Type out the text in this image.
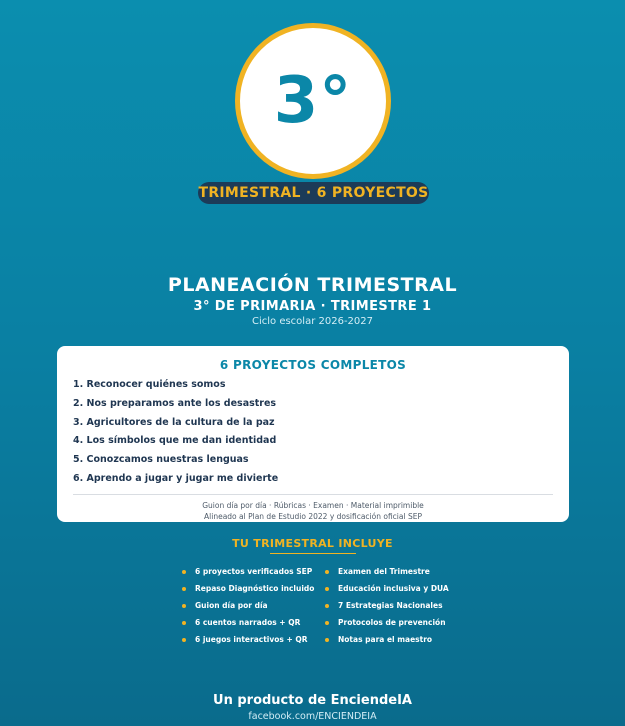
3°
TRIMESTRAL · 6 PROYECTOS
PLANEACIÓN TRIMESTRAL
3° DE PRIMARIA · TRIMESTRE 1
Ciclo escolar 2026-2027
6 PROYECTOS COMPLETOS
1. Reconocer quiénes somos
2. Nos preparamos ante los desastres
3. Agricultores de la cultura de la paz
4. Los símbolos que me dan identidad
5. Conozcamos nuestras lenguas
6. Aprendo a jugar y jugar me divierte
Guion día por día · Rúbricas · Examen · Material imprimible
Alineado al Plan de Estudio 2022 y dosificación oficial SEP
TU TRIMESTRAL INCLUYE
6 proyectos verificados SEP
Repaso Diagnóstico incluido
Guion día por día
6 cuentos narrados + QR
6 juegos interactivos + QR
Examen del Trimestre
Educación inclusiva y DUA
7 Estrategias Nacionales
Protocolos de prevención
Notas para el maestro
Un producto de EnciendeIA
facebook.com/ENCIENDEIA
